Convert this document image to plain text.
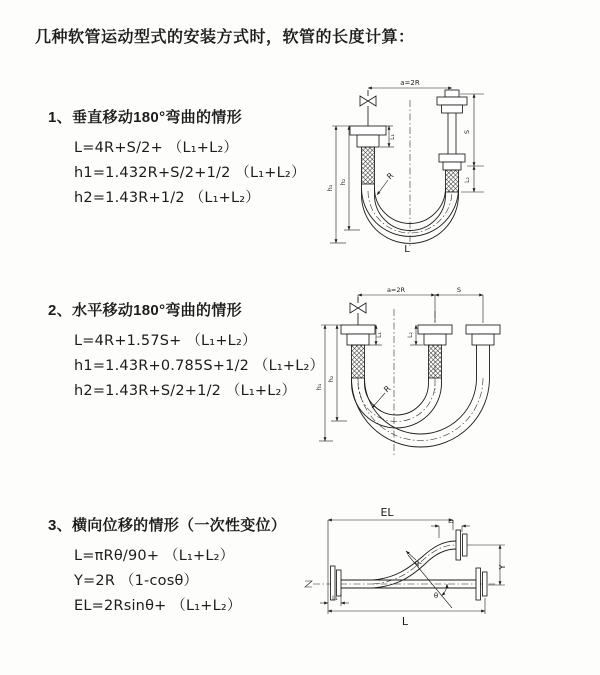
几种软管运动型式的安装方式时，软管的长度计算：
1、垂直移动180°弯曲的情形
L=4R+S/2+ （L₁+L₂）
h1=1.432R+S/2+1/2 （L₁+L₂）
h2=1.43R+1/2 （L₁+L₂）
2、水平移动180°弯曲的情形
L=4R+1.57S+ （L₁+L₂）
h1=1.43R+0.785S+1/2 （L₁+L₂）
h2=1.43R+S/2+1/2 （L₁+L₂）
3、横向位移的情形（一次性变位）
L=πRθ/90+ （L₁+L₂）
Y=2R （1-cosθ）
EL=2Rsinθ+ （L₁+L₂）
a=2R
S
L₂
L₁
h₁
h₂
R
L
a=2R	S
L₁	L₂
h₁
h₂
R
EL
L₂
Y
θ
R
L₁
L
